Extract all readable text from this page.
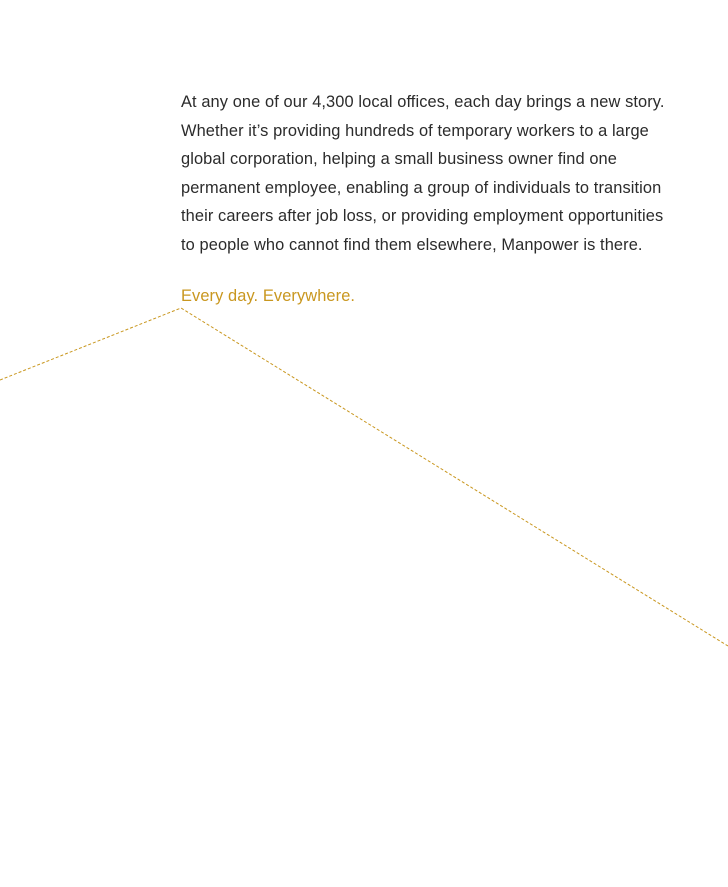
At any one of our 4,300 local offices, each day brings a new story.
Whether it’s providing hundreds of temporary workers to a large
global corporation, helping a small business owner find one
permanent employee, enabling a group of individuals to transition
their careers after job loss, or providing employment opportunities
to people who cannot find them elsewhere, Manpower is there.

Every day. Everywhere.
